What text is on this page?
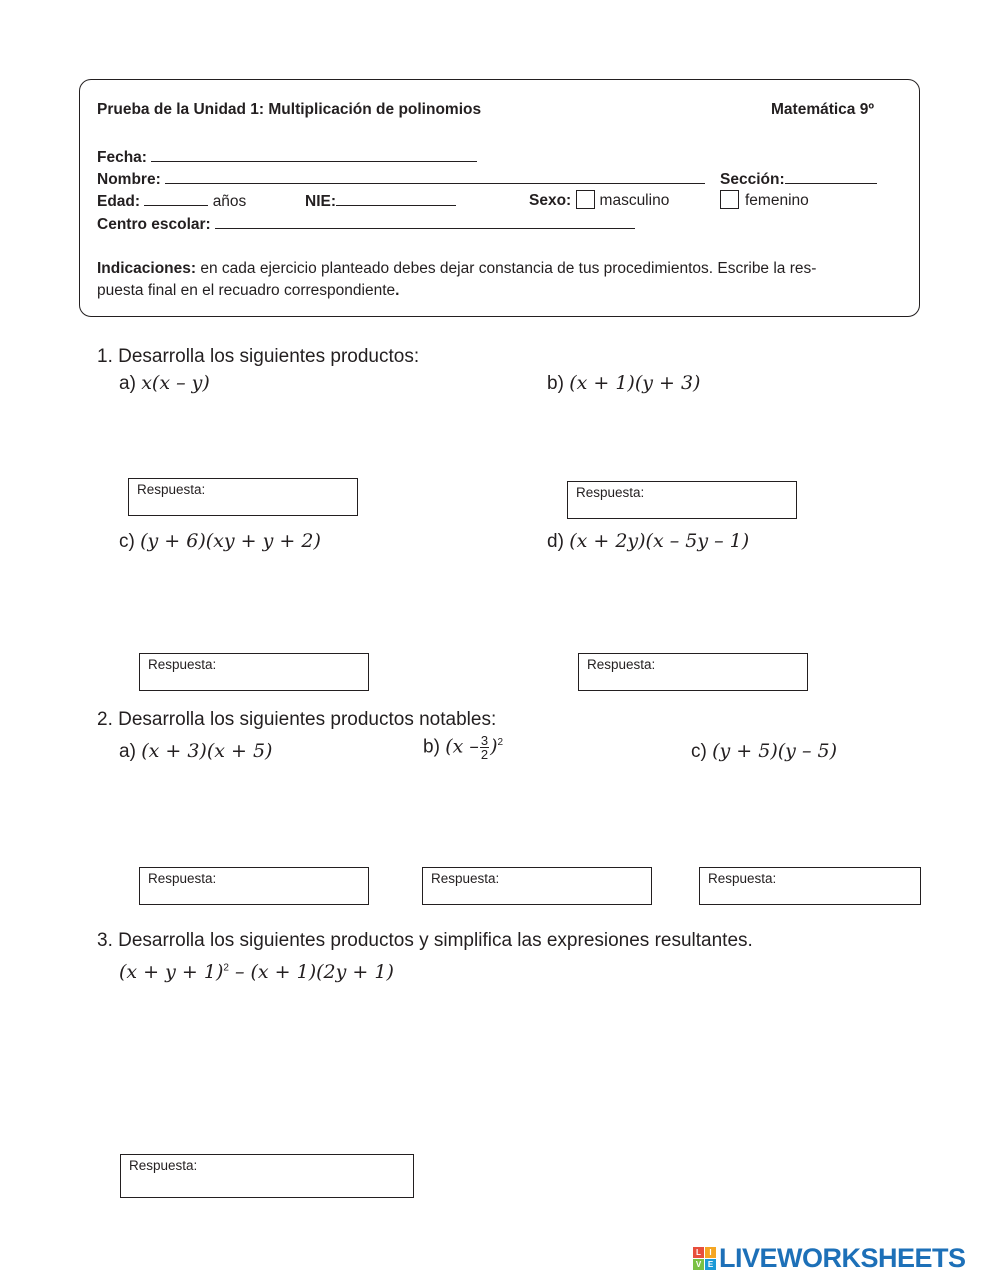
Prueba de la Unidad 1: Multiplicación de polinomios	Matemática 9º
Fecha:
Nombre:	Sección:
Edad:	años	NIE:	Sexo: masculino	femenino
Centro escolar:
Indicaciones: en cada ejercicio planteado debes dejar constancia de tus procedimientos. Escribe la res-
puesta final en el recuadro correspondiente.
1. Desarrolla los siguientes productos:
a) x(x – y)	b) (x + 1)(y + 3)
Respuesta:	Respuesta:
c) (y + 6)(xy + y + 2)	d) (x + 2y)(x – 5y – 1)
Respuesta:	Respuesta:
2. Desarrolla los siguientes productos notables:
a) (x + 3)(x + 5)	b) $(x - \frac{3}{2} )^2$	c) (y + 5)(y – 5)
Respuesta:	Respuesta:	Respuesta:
3. Desarrolla los siguientes productos y simplifica las expresiones resultantes.
$(x + y + 1)^2 - (x + 1)(2y + 1)$
Respuesta:
L	I
V E LIVEWORKSHEETS
